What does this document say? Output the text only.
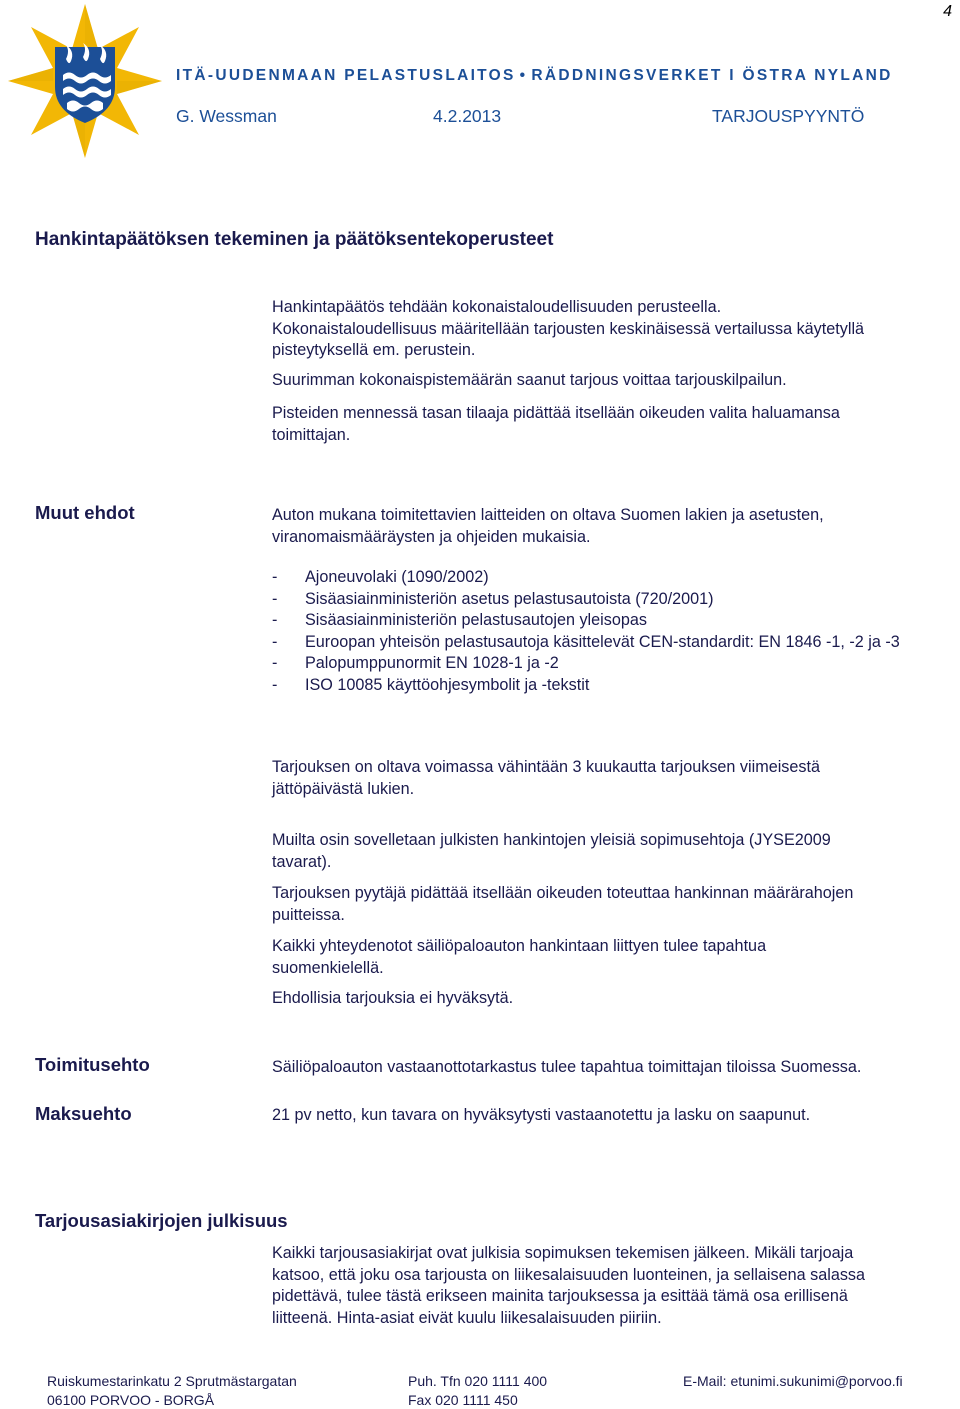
4
ITÄ-UUDENMAAN PELASTUSLAITOS • RÄDDNINGSVERKET I ÖSTRA NYLAND
G. Wessman	4.2.2013	TARJOUSPYYNTÖ
Hankintapäätöksen tekeminen ja päätöksentekoperusteet

Hankintapäätös tehdään kokonaistaloudellisuuden perusteella.

Kokonaistaloudellisuus määritellään tarjousten keskinäisessä vertailussa käytetyllä

pisteytyksellä em. perustein.

Suurimman kokonaispistemäärän saanut tarjous voittaa tarjouskilpailun.

Pisteiden mennessä tasan tilaaja pidättää itsellään oikeuden valita haluamansa

toimittajan.

Muut ehdot	Auton mukana toimitettavien laitteiden on oltava Suomen lakien ja asetusten,

viranomaismääräysten ja ohjeiden mukaisia.

- Ajoneuvolaki (1090/2002)
- Sisäasiainministeriön asetus pelastusautoista (720/2001)
- Sisäasiainministeriön pelastusautojen yleisopas
- Euroopan yhteisön pelastusautoja käsittelevät CEN-standardit: EN 1846 -1, -2 ja -3
- Palopumppunormit EN 1028-1 ja -2
- ISO 10085 käyttöohjesymbolit ja -tekstit

Tarjouksen on oltava voimassa vähintään 3 kuukautta tarjouksen viimeisestä

jättöpäivästä lukien.

Muilta osin sovelletaan julkisten hankintojen yleisiä sopimusehtoja (JYSE2009

tavarat).

Tarjouksen pyytäjä pidättää itsellään oikeuden toteuttaa hankinnan määrärahojen

puitteissa.

Kaikki yhteydenotot säiliöpaloauton hankintaan liittyen tulee tapahtua

suomenkielellä.

Ehdollisia tarjouksia ei hyväksytä.

Toimitusehto	Säiliöpaloauton vastaanottotarkastus tulee tapahtua toimittajan tiloissa Suomessa.

Maksuehto	21 pv netto, kun tavara on hyväksytysti vastaanotettu ja lasku on saapunut.

Tarjousasiakirjojen julkisuus

Kaikki tarjousasiakirjat ovat julkisia sopimuksen tekemisen jälkeen. Mikäli tarjoaja

katsoo, että joku osa tarjousta on liikesalaisuuden luonteinen, ja sellaisena salassa

pidettävä, tulee tästä erikseen mainita tarjouksessa ja esittää tämä osa erillisenä

liitteenä. Hinta-asiat eivät kuulu liikesalaisuuden piiriin.

Ruiskumestarinkatu 2 Sprutmästargatan
06100 PORVOO - BORGÅ
Puh. Tfn 020 1111 400
Fax 020 1111 450
E-Mail: etunimi.sukunimi@porvoo.fi
